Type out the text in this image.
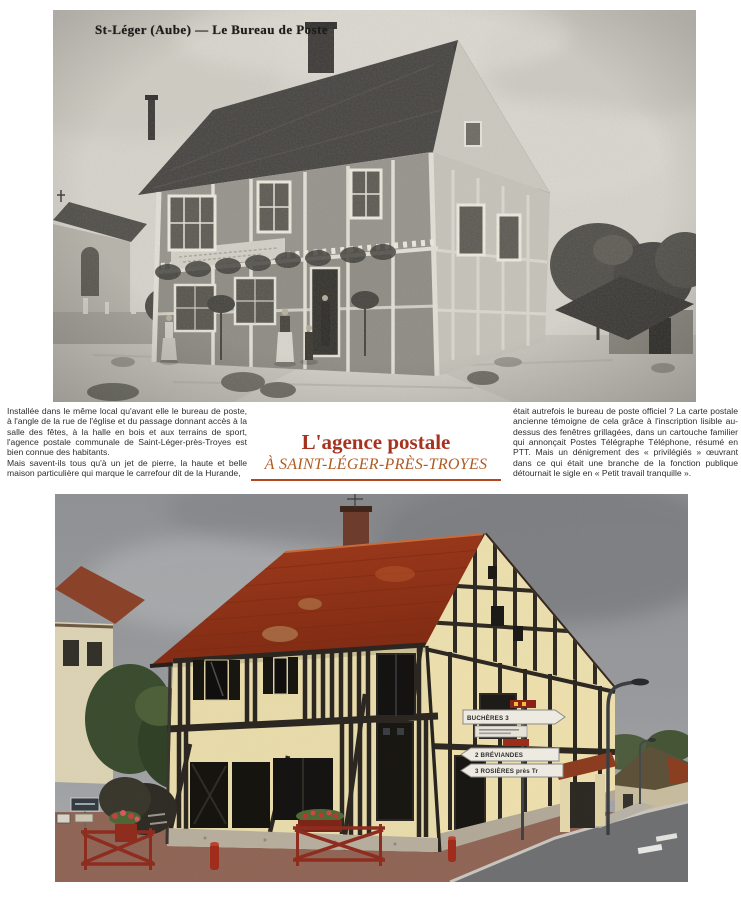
St-Léger (Aube) — Le Bureau de Poste

Installée dans le même local qu'avant elle le bureau de poste, à l'angle de la rue de l'église et du passage donnant accès à la salle des fêtes, à la halle en bois et aux terrains de sport, l'agence postale communale de Saint-Léger-près-Troyes est bien connue des habitants.

Mais savent-ils tous qu'à un jet de pierre, la haute et belle maison particulière qui marque le carrefour dit de la Hurande,

L'agence postale
À SAINT-LÉGER-PRÈS-TROYES

était autrefois le bureau de poste officiel ? La carte postale ancienne témoigne de cela grâce à l'inscription lisible au-dessus des fenêtres grillagées, dans un cartouche familier qui annonçait Postes Télégraphe Téléphone, résumé en PTT. Mais un dénigrement des « privilégiés » œuvrant dans ce qui était une branche de la fonction publique détournait le sigle en « Petit travail tranquille ».

BUCHÈRES 3
2 BRÉVIANDES
3 ROSIÈRES près Tr
